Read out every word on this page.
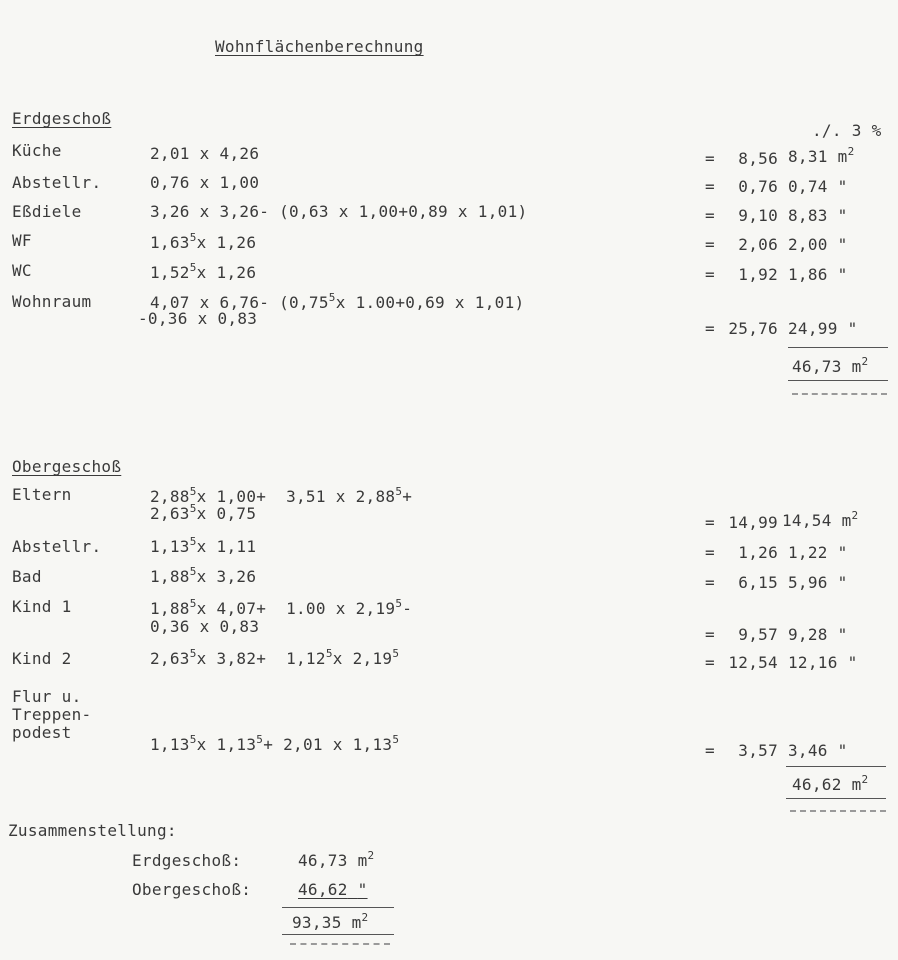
Wohnflächenberechnung
Erdgeschoß
./. 3 %
Küche	2,01 x 4,26	=	8,56 8,31 $m^2$
Abstellr.	0,76 x 1,00	=	0,76 0,74 "
Eßdiele	3,26 x 3,26- (0,63 x 1,00+0,89 x 1,01)	=	9,10 8,83 "
WF	1,63$^5$x 1,26	=	2,06 2,00 "
WC	1,52$^5$x 1,26	=	1,92 1,86 "
Wohnraum	4,07 x 6,76- (0,75$^5$x 1.00+0,69 x 1,01)
-0,36 x 0,83
= 25,76 24,99 "
46,73 $m^2$
Obergeschoß
Eltern	2,88$^5$x 1,00+  3,51 x $2,88^5+$
$2,63^5x$ 0,75	= 14,99 14,54 $m^2$
Abstellr.	1,13$^5$x 1,11	=	1,26 1,22 "
Bad	1,88$^5$x 3,26	=	6,15 5,96 "
Kind 1	1,88$^5$x 4,07+  1.00 x 2,19$^5$-
0,36 x 0,83	=	9,57 9,28 "
Kind 2	2,63$^5$x 3,82+  1,12$^5$x $2,19^5$	= 12,54 12,16 "
Flur u.
Treppen-
podest
1,13$^5$x $1,13^5+ 2,01$ x $1,13^5$
=	3,57 3,46 "
46,62 $m^2$
Zusammenstellung:
Erdgeschoß:	46,73 $m^2$
Obergeschoß:	46,62 "
93,35 $m^2$
